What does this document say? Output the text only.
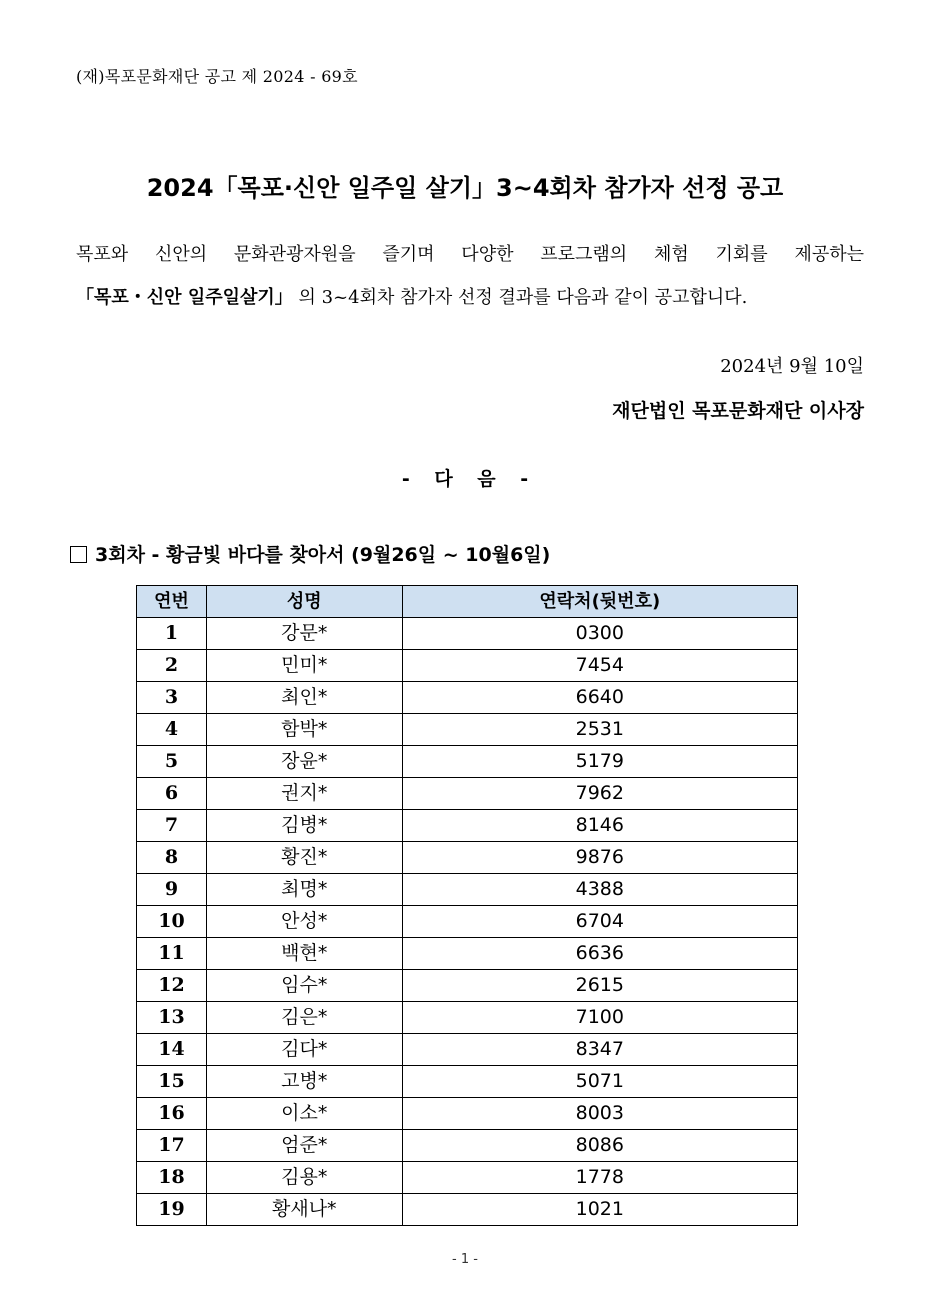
(재)목포문화재단 공고 제 2024 - 69호
2024「목포·신안 일주일 살기」3~4회차 참가자 선정 공고
목포와 신안의 문화관광자원을 즐기며 다양한 프로그램의 체험 기회를 제공하는
「목포・신안 일주일살기」 의 3~4회차 참가자 선정 결과를 다음과 같이 공고합니다.
2024년 9월 10일
재단법인 목포문화재단 이사장
- 다 음 -
3회차 - 황금빛 바다를 찾아서 (9월26일 ~ 10월6일)
연번	성명	연락처(뒷번호)
1	강문*	0300
2	민미*	7454
3	최인*	6640
4	함박*	2531
5	장윤*	5179
6	권지*	7962
7	김병*	8146
8	황진*	9876
9	최명*	4388
10	안성*	6704
11	백현*	6636
12	임수*	2615
13	김은*	7100
14	김다*	8347
15	고병*	5071
16	이소*	8003
17	엄준*	8086
18	김용*	1778
19	황새나*	1021
- 1 -
